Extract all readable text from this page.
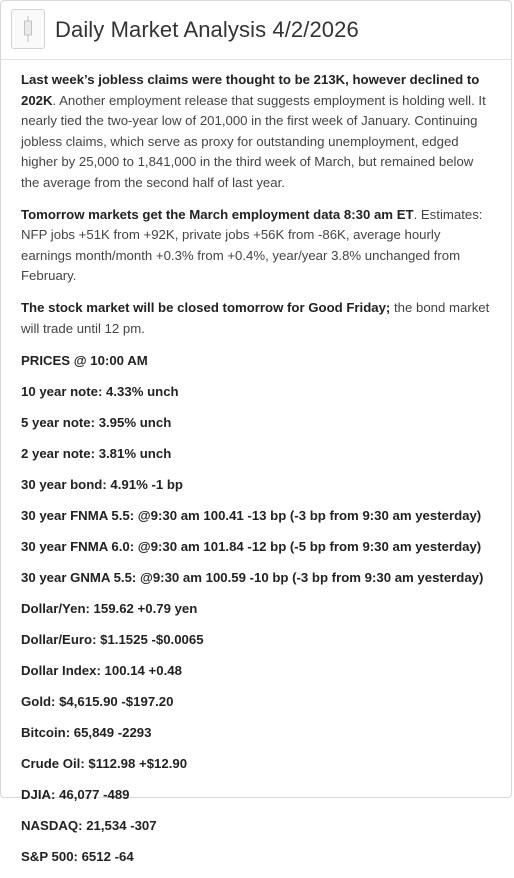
Daily Market Analysis 4/2/2026

Last week’s jobless claims were thought to be 213K, however declined to 202K. Another employment release that suggests employment is holding well. It nearly tied the two-year low of 201,000 in the first week of January. Continuing jobless claims, which serve as proxy for outstanding unemployment, edged higher by 25,000 to 1,841,000 in the third week of March, but remained below the average from the second half of last year.

Tomorrow markets get the March employment data 8:30 am ET. Estimates: NFP jobs +51K from +92K, private jobs +56K from -86K, average hourly earnings month/month +0.3% from +0.4%, year/year 3.8% unchanged from February.

The stock market will be closed tomorrow for Good Friday; the bond market will trade until 12 pm.

PRICES @ 10:00 AM
10 year note: 4.33% unch
5 year note: 3.95% unch
2 year note: 3.81% unch
30 year bond: 4.91% -1 bp
30 year FNMA 5.5: @9:30 am 100.41 -13 bp (-3 bp from 9:30 am yesterday)
30 year FNMA 6.0: @9:30 am 101.84 -12 bp (-5 bp from 9:30 am yesterday)
30 year GNMA 5.5: @9:30 am 100.59 -10 bp (-3 bp from 9:30 am yesterday)
Dollar/Yen: 159.62 +0.79 yen
Dollar/Euro: $1.1525 -$0.0065
Dollar Index: 100.14 +0.48
Gold: $4,615.90 -$197.20
Bitcoin: 65,849 -2293
Crude Oil: $112.98 +$12.90
DJIA: 46,077 -489
NASDAQ: 21,534 -307
S&P 500: 6512 -64
